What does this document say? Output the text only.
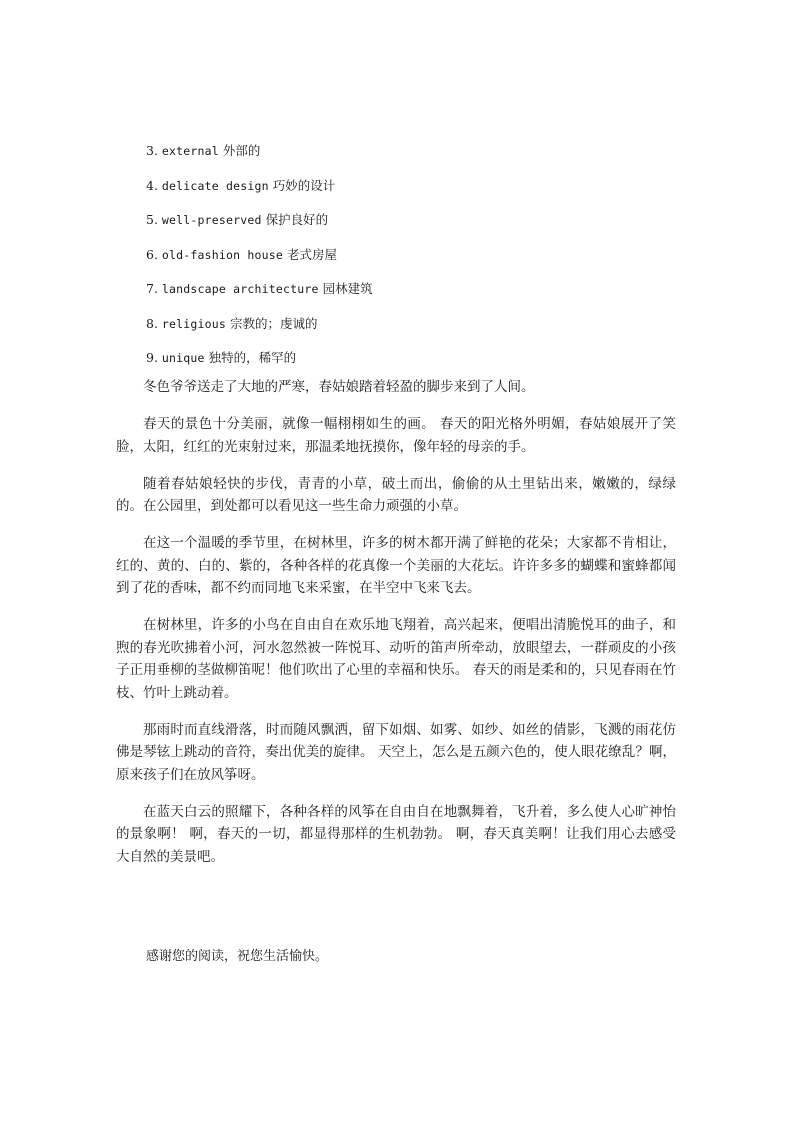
3. external 外部的
4. delicate design 巧妙的设计
5. well-preserved 保护良好的
6. old-fashion house 老式房屋
7. landscape architecture 园林建筑
8. religious 宗教的；虔诚的
9. unique 独特的，稀罕的

冬色爷爷送走了大地的严寒，春姑娘踏着轻盈的脚步来到了人间。

春天的景色十分美丽，就像一幅栩栩如生的画。 春天的阳光格外明媚，春姑娘展开了笑脸，太阳，红红的光束射过来，那温柔地抚摸你，像年轻的母亲的手。

随着春姑娘轻快的步伐，青青的小草，破土而出，偷偷的从土里钻出来，嫩嫩的，绿绿的。在公园里，到处都可以看见这一些生命力顽强的小草。

在这一个温暖的季节里，在树林里，许多的树木都开满了鲜艳的花朵；大家都不肯相让，红的、黄的、白的、紫的，各种各样的花真像一个美丽的大花坛。许许多多的蝴蝶和蜜蜂都闻到了花的香味，都不约而同地飞来采蜜，在半空中飞来飞去。

在树林里，许多的小鸟在自由自在欢乐地飞翔着，高兴起来，便唱出清脆悦耳的曲子，和煦的春光吹拂着小河，河水忽然被一阵悦耳、动听的笛声所牵动，放眼望去，一群顽皮的小孩子正用垂柳的茎做柳笛呢！他们吹出了心里的幸福和快乐。 春天的雨是柔和的，只见春雨在竹枝、竹叶上跳动着。

那雨时而直线滑落，时而随风飘洒，留下如烟、如雾、如纱、如丝的倩影，飞溅的雨花仿佛是琴铉上跳动的音符，奏出优美的旋律。 天空上，怎么是五颜六色的，使人眼花缭乱？啊，原来孩子们在放风筝呀。

在蓝天白云的照耀下，各种各样的风筝在自由自在地飘舞着，飞升着，多么使人心旷神怡的景象啊！ 啊，春天的一切，都显得那样的生机勃勃。 啊，春天真美啊！让我们用心去感受大自然的美景吧。

感谢您的阅读，祝您生活愉快。
